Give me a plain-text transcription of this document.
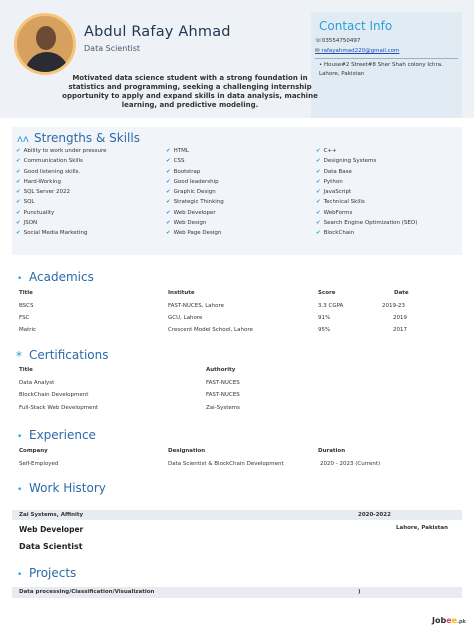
Abdul Rafay Ahmad
Data Scientist
Motivated data science student with a strong foundation in statistics and programming, seeking a challenging internship opportunity to apply and expand skills in data analysis, machine learning, and predictive modeling.
Contact Info
☏03554750497
✉ rafayahmad220@gmail.com
• House#2 Street#8 Sher Shah colony Ichra. Lahore, Pakistan
ᴧᴧ Strengths & Skills
✔ Ability to work under pressure
✔ Communication Skills
✔ Good listening skills.
✔ Hard-Working
✔ SQL Server 2022
✔ SQL
✔ Punctuality
✔ JSON
✔ Social Media Marketing
✔ HTML
✔ CSS
✔ Bootstrap
✔ Good leadership
✔ Graphic Design
✔ Strategic Thinking
✔ Web Developer
✔ Web Design
✔ Web Page Design
✔ C++
✔ Designing Systems
✔ Data Base
✔ Python
✔ JavaScript
✔ Technical Skills
✔ WebForms
✔ Search Engine Optimization (SEO)
✔ BlockChain
• Academics
Title	Institute	Score	Date
BSCS	FAST-NUCES, Lahore	3.3 CGPA	2019-23
FSC	GCU, Lahore	91%	2019
Matric	Crescent Model School, Lahore	95%	2017
* Certifications
Title	Authority
Data Analyst	FAST-NUCES
BlockChain Development	FAST-NUCES
Full-Stack Web Development	Zai-Systems
• Experience
Company	Designation	Duration
Self-Employed	Data Scientist & BlockChain Development	2020 - 2023 (Current)
• Work History
Zai Systems, Affinity	2020-2022
Web Developer	Lahore, Pakistan
Data Scientist
• Projects
Data processing/Classification/Visualization	)
Jobee.pk
